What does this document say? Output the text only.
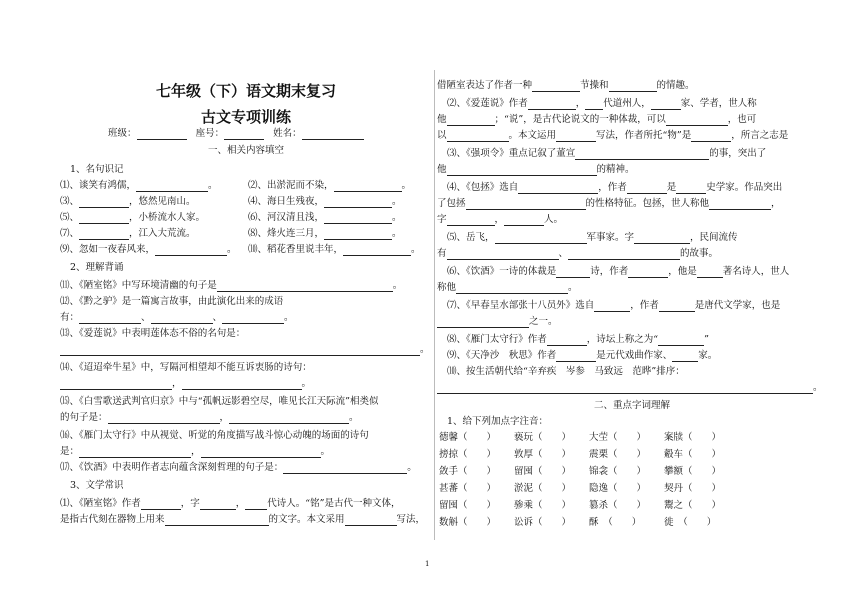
七年级（下）语文期末复习
古文专项训练
班级：	座号：	姓名：
一、相关内容填空
1、名句识记
⑴、谈笑有鸿儒，	。	⑵、出淤泥而不染，	。
⑶、	，悠然见南山。	⑷、海日生残夜，	。
⑸、	，小桥流水人家。	⑹、河汉清且浅，	。
⑺、	，江入大荒流。	⑻、烽火连三月，	。
⑼、忽如一夜春风来，	。 ⑽、稻花香里说丰年，	。
2、理解背诵
⑾、《陋室铭》中写环境清幽的句子是	。
⑿、《黔之驴》是一篇寓言故事，由此演化出来的成语
有：	、	、	。
⒀、《爱莲说》中表明莲体态不俗的名句是：
。
⒁、《迢迢牵牛星》中，写隔河相望却不能互诉衷肠的诗句：
，	。
⒂、《白雪歌送武判官归京》中与“孤帆远影碧空尽，唯见长江天际流”相类似
的句子是：	，	。
⒃、《雁门太守行》中从视觉、听觉的角度描写战斗惊心动魄的场面的诗句
是：	，	。
⒄、《饮酒》中表明作者志向蕴含深刻哲理的句子是：	。
3、文学常识
⑴、《陋室铭》作者	，字	， 代诗人。“铭”是古代一种文体，
是指古代刻在器物上用来	的文字。本文采用	写法，
借陋室表达了作者一种	节操和	的情趣。
⑵、《爱莲说》作者	， 代道州人，	家、学者，世人称
他	；“说”，是古代论说文的一种体裁，可以	，也可
以	。本文运用	写法，作者所托“物”是	，所言之志是
⑶、《强项令》重点记叙了董宣	的事，突出了
他	的精神。
⑷、《包拯》选自	，作者	是	史学家。作品突出
了包拯	的性格特征。包拯，世人称他	，
字	，	人。
⑸、岳飞，	军事家。字	，民间流传
有	、	的故事。
⑹、《饮酒》一诗的体裁是	诗，作者	，他是	著名诗人，世人
称他	。
⑺、《早春呈水部张十八员外》选自	，作者	是唐代文学家，也是
之一。
⑻、《雁门太守行》作者	，诗坛上称之为“	”
⑼、《天净沙　秋思》作者	是元代戏曲作家、	家。
⑽、按生活朝代给“辛弃疾　岑参　马致远　范晔”排序：
。
二、重点字词理解
1、给下列加点字注音：
德馨（　　） 亵玩（　　） 大茔（　　） 案牍（　　）
搒掠（　　） 敦厚（　　） 震栗（　　） 觳车（　　）
敛手（　　） 留囤（　　） 锦衾（　　） 攀额（　　）
甚蕃（　　） 淤泥（　　） 隐逸（　　） 契丹（　　）
留囤（　　） 骖乘（　　） 篡杀（　　） 鬻之（　　）
数斛（　　） 讼诉（　　） 酥　（　　） 徙　（　　）
1
